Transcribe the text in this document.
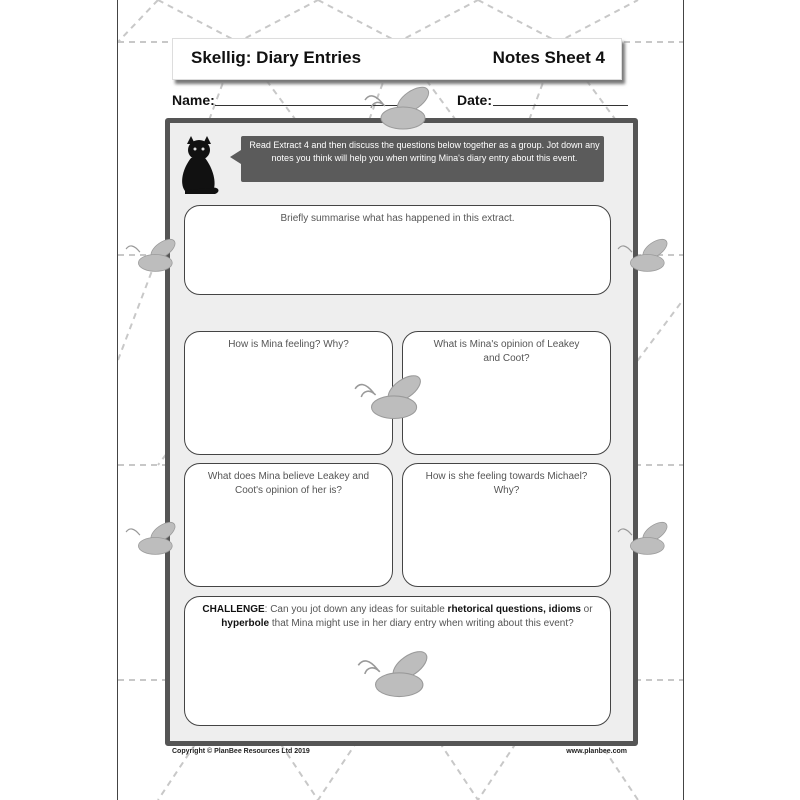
Skellig: Diary Entries	Notes Sheet 4
Name:	Date:
Read Extract 4 and then discuss the questions below together as a group. Jot down any notes you think will help you when writing Mina's diary entry about this event.
Briefly summarise what has happened in this extract.
How is Mina feeling? Why?	What is Mina's opinion of Leakey and Coot?
What does Mina believe Leakey and Coot's opinion of her is?
How is she feeling towards Michael? Why?
CHALLENGE: Can you jot down any ideas for suitable rhetorical questions, idioms or hyperbole that Mina might use in her diary entry when writing about this event?
Copyright © PlanBee Resources Ltd 2019	www.planbee.com
